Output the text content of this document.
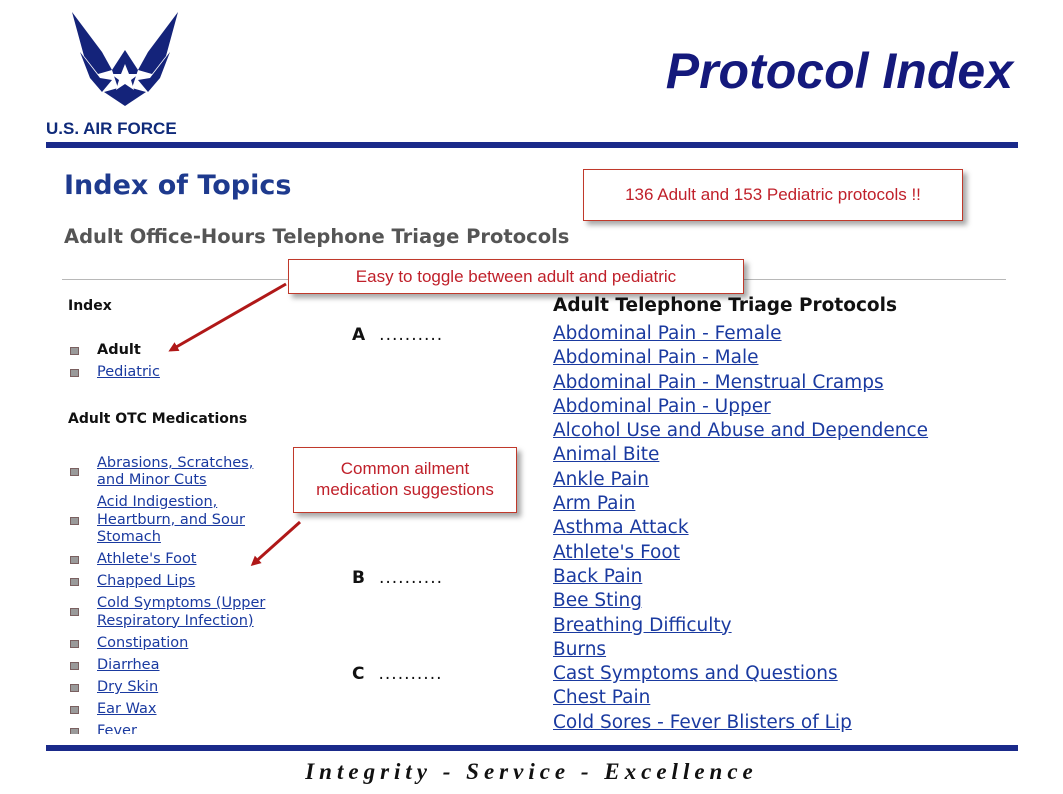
U.S. AIR FORCE
Protocol Index
Index of Topics
Adult Office-Hours Telephone Triage Protocols
Index
Adult
Pediatric
Adult OTC Medications
Abrasions, Scratches,
and Minor Cuts
Acid Indigestion,
Heartburn, and Sour
Stomach
Athlete's Foot
Chapped Lips
Cold Symptoms (Upper
Respiratory Infection)
Constipation
Diarrhea
Dry Skin
Ear Wax
Fever
A ..........
B ..........
C ..........
Adult Telephone Triage Protocols
Abdominal Pain - Female
Abdominal Pain - Male
Abdominal Pain - Menstrual Cramps
Abdominal Pain - Upper
Alcohol Use and Abuse and Dependence
Animal Bite
Ankle Pain
Arm Pain
Asthma Attack
Athlete's Foot
Back Pain
Bee Sting
Breathing Difficulty
Burns
Cast Symptoms and Questions
Chest Pain
Cold Sores - Fever Blisters of Lip
136 Adult and 153 Pediatric protocols !!
Easy to toggle between adult and pediatric
Common ailment
medication suggestions
Integrity - Service - Excellence
